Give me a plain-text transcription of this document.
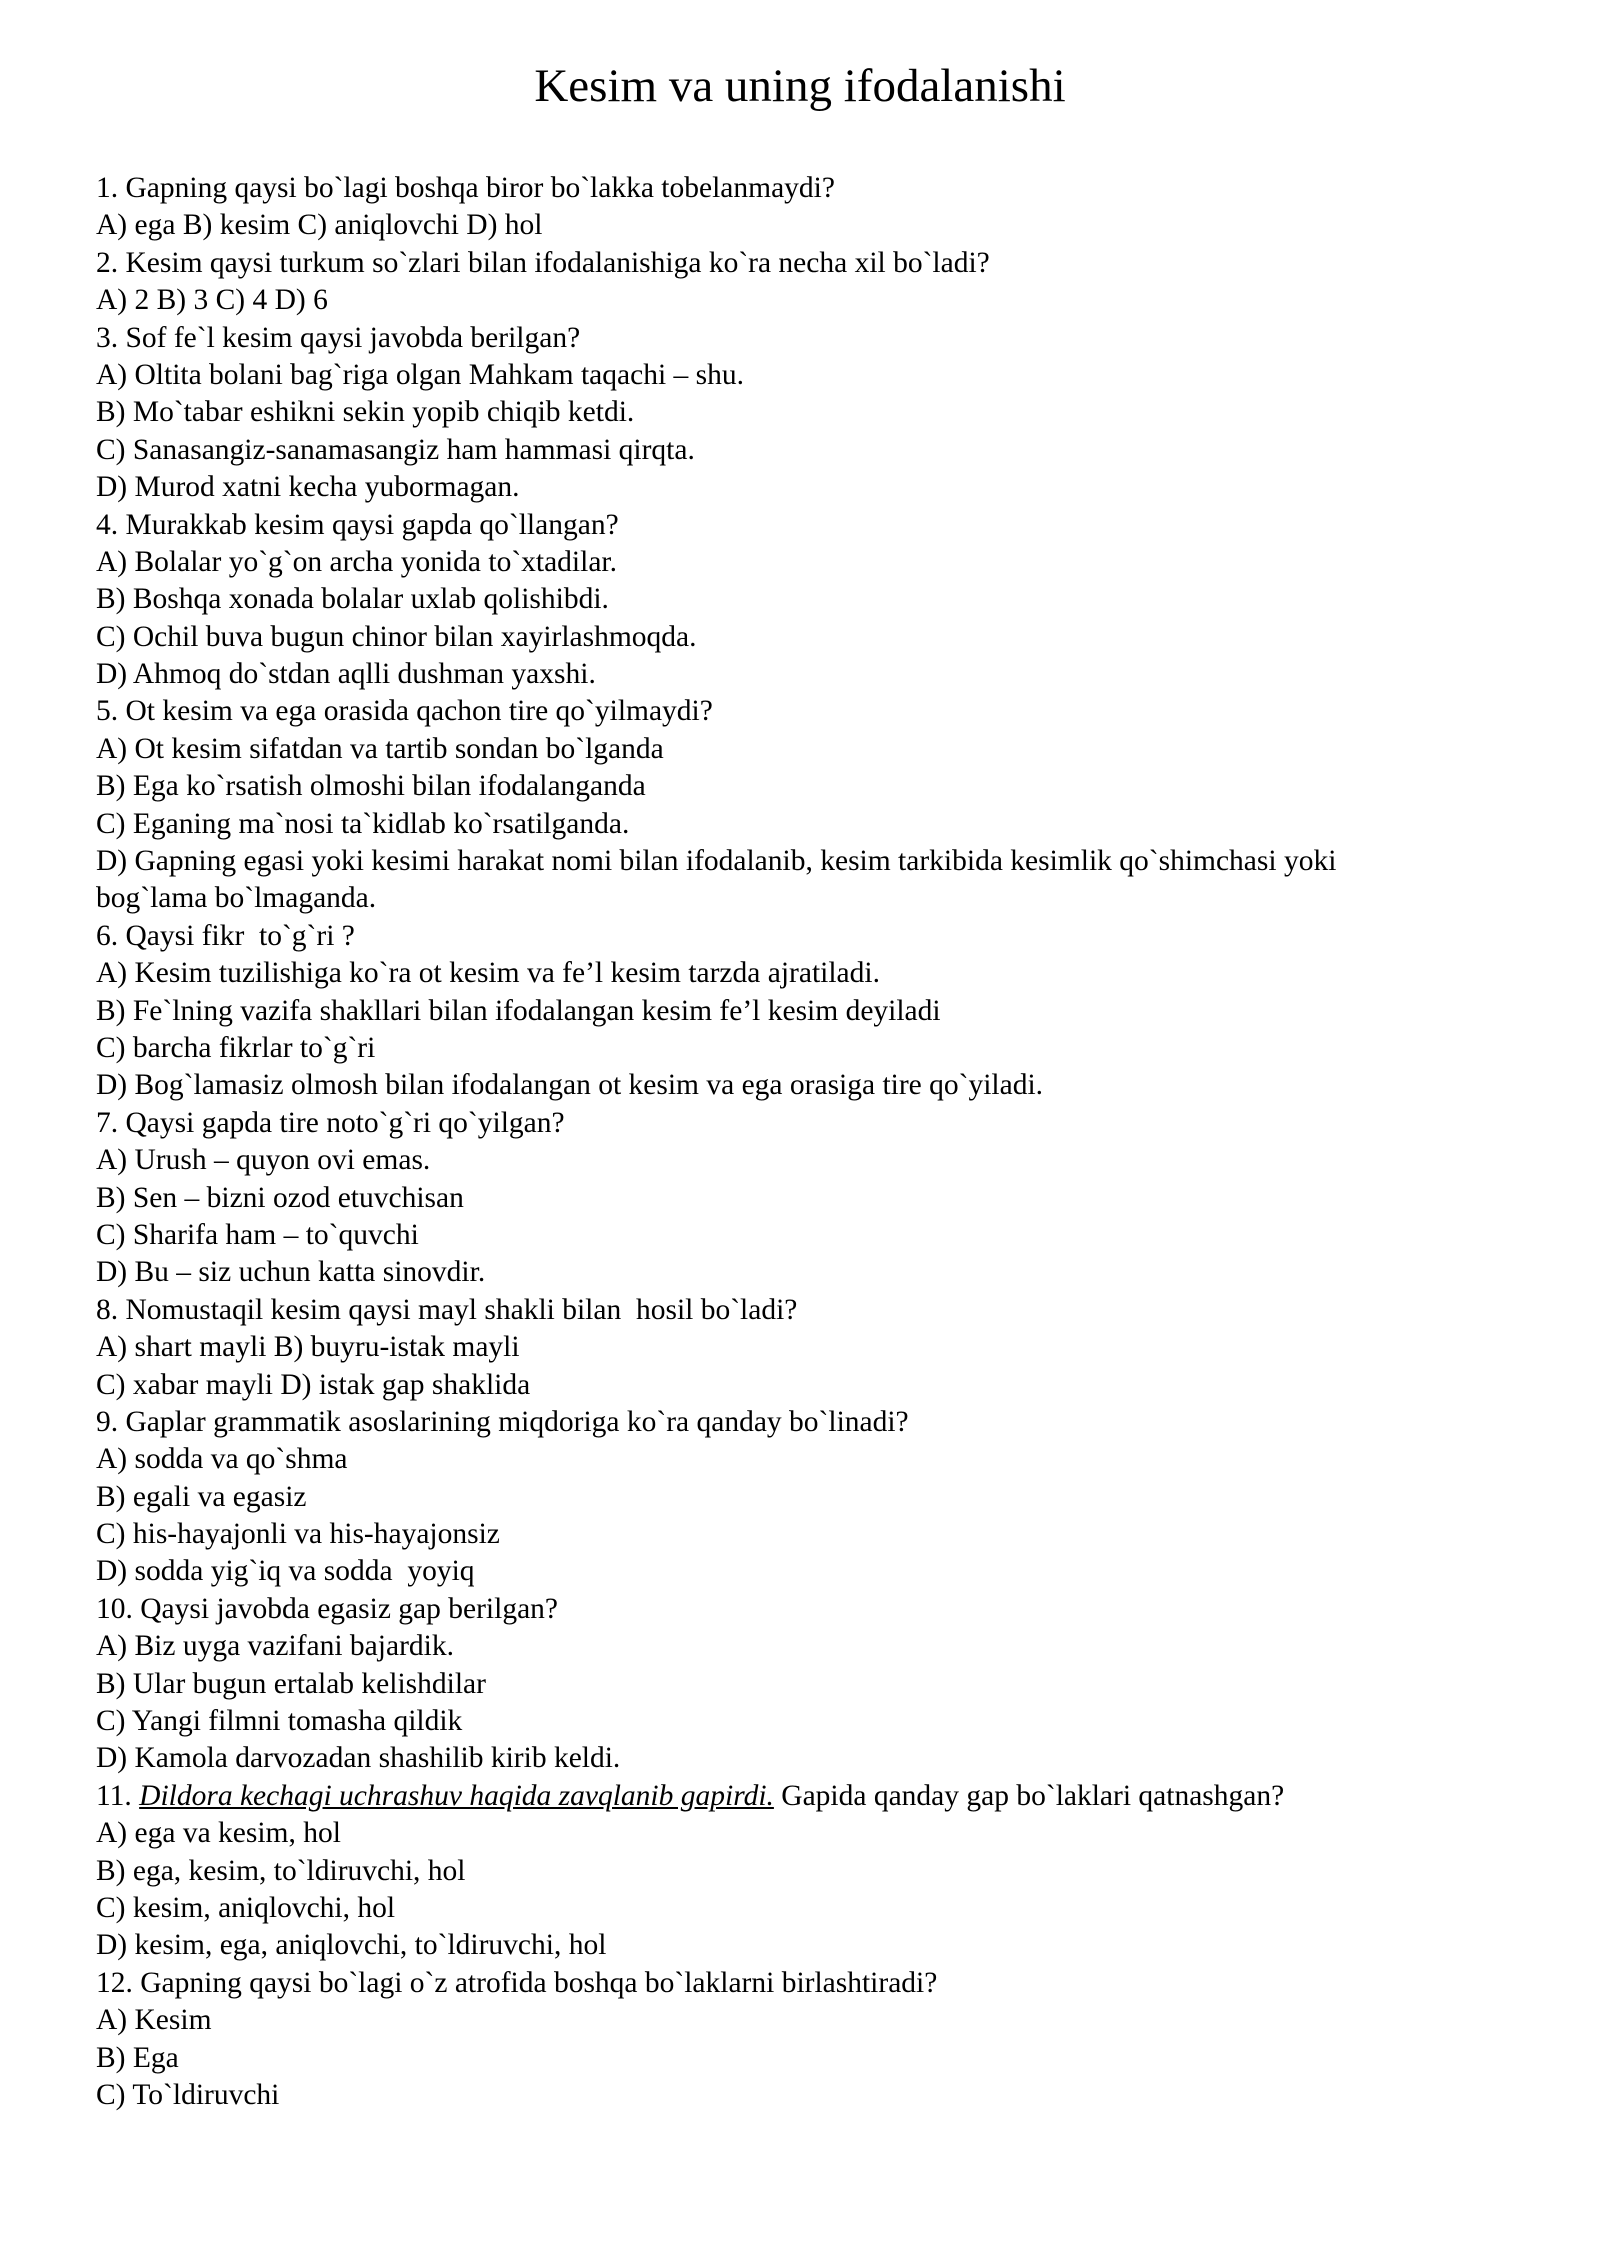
Kesim va uning ifodalanishi
1. Gapning qaysi bo`lagi boshqa biror bo`lakka tobelanmaydi?
A) ega B) kesim C) aniqlovchi D) hol
2. Kesim qaysi turkum so`zlari bilan ifodalanishiga ko`ra necha xil bo`ladi?
A) 2 B) 3 C) 4 D) 6
3. Sof fe`l kesim qaysi javobda berilgan?
A) Oltita bolani bag`riga olgan Mahkam taqachi – shu.
B) Mo`tabar eshikni sekin yopib chiqib ketdi.
C) Sanasangiz-sanamasangiz ham hammasi qirqta.
D) Murod xatni kecha yubormagan.
4. Murakkab kesim qaysi gapda qo`llangan?
A) Bolalar yo`g`on archa yonida to`xtadilar.
B) Boshqa xonada bolalar uxlab qolishibdi.
C) Ochil buva bugun chinor bilan xayirlashmoqda.
D) Ahmoq do`stdan aqlli dushman yaxshi.
5. Ot kesim va ega orasida qachon tire qo`yilmaydi?
A) Ot kesim sifatdan va tartib sondan bo`lganda
B) Ega ko`rsatish olmoshi bilan ifodalanganda
C) Eganing ma`nosi ta`kidlab ko`rsatilganda.
D) Gapning egasi yoki kesimi harakat nomi bilan ifodalanib, kesim tarkibida kesimlik qo`shimchasi yoki
bog`lama bo`lmaganda.
6. Qaysi fikr  to`g`ri ?
A) Kesim tuzilishiga ko`ra ot kesim va fe’l kesim tarzda ajratiladi.
B) Fe`lning vazifa shakllari bilan ifodalangan kesim fe’l kesim deyiladi
C) barcha fikrlar to`g`ri
D) Bog`lamasiz olmosh bilan ifodalangan ot kesim va ega orasiga tire qo`yiladi.
7. Qaysi gapda tire noto`g`ri qo`yilgan?
A) Urush – quyon ovi emas.
B) Sen – bizni ozod etuvchisan
C) Sharifa ham – to`quvchi
D) Bu – siz uchun katta sinovdir.
8. Nomustaqil kesim qaysi mayl shakli bilan  hosil bo`ladi?
A) shart mayli B) buyru-istak mayli
C) xabar mayli D) istak gap shaklida
9. Gaplar grammatik asoslarining miqdoriga ko`ra qanday bo`linadi?
A) sodda va qo`shma
B) egali va egasiz
C) his-hayajonli va his-hayajonsiz
D) sodda yig`iq va sodda  yoyiq
10. Qaysi javobda egasiz gap berilgan?
A) Biz uyga vazifani bajardik.
B) Ular bugun ertalab kelishdilar
C) Yangi filmni tomasha qildik
D) Kamola darvozadan shashilib kirib keldi.
11. Dildora kechagi uchrashuv haqida zavqlanib gapirdi. Gapida qanday gap bo`laklari qatnashgan?
A) ega va kesim, hol
B) ega, kesim, to`ldiruvchi, hol
C) kesim, aniqlovchi, hol
D) kesim, ega, aniqlovchi, to`ldiruvchi, hol
12. Gapning qaysi bo`lagi o`z atrofida boshqa bo`laklarni birlashtiradi?
A) Kesim
B) Ega
C) To`ldiruvchi
